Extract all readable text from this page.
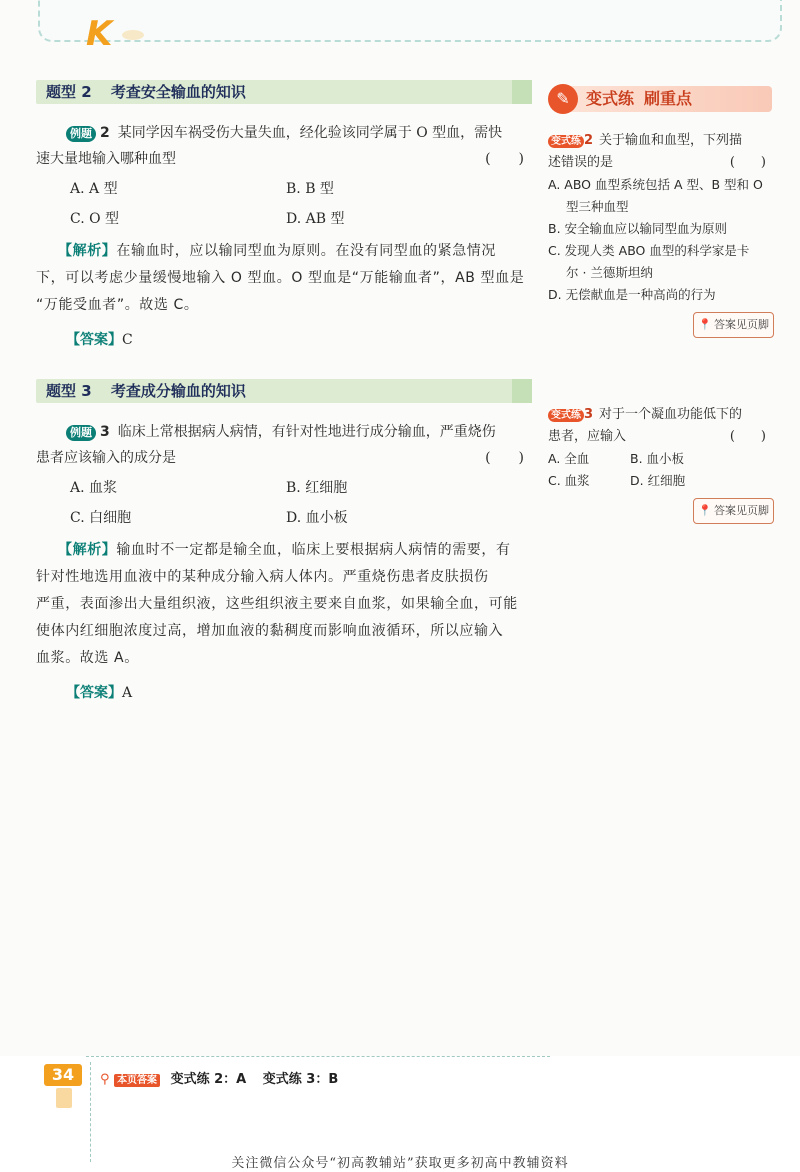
K
题型 2 考查安全输血的知识

例题 2 某同学因车祸受伤大量失血，经化验该同学属于 O 型血，需快

速大量地输入哪种血型	(　　)

A. A 型	B. B 型
C. O 型	D. AB 型
【解析】在输血时，应以输同型血为原则。在没有同型血的紧急情况
下，可以考虑少量缓慢地输入 O 型血。O 型血是“万能输血者”，AB 型血是
“万能受血者”。故选 C。
【答案】C
题型 3 考查成分输血的知识

例题 3 临床上常根据病人病情，有针对性地进行成分输血，严重烧伤

患者应该输入的成分是	(　　)

A. 血浆	B. 红细胞
C. 白细胞	D. 血小板
【解析】输血时不一定都是输全血，临床上要根据病人病情的需要，有
针对性地选用血液中的某种成分输入病人体内。严重烧伤患者皮肤损伤
严重，表面渗出大量组织液，这些组织液主要来自血浆，如果输全血，可能
使体内红细胞浓度过高，增加血液的黏稠度而影响血液循环，所以应输入
血浆。故选 A。
【答案】A
✎	变式练 刷重点
变式练 2 关于输血和血型，下列描
述错误的是	(　　)
A. ABO 血型系统包括 A 型、B 型和 O
型三种血型
B. 安全输血应以输同型血为原则
C. 发现人类 ABO 血型的科学家是卡
尔 · 兰德斯坦纳
D. 无偿献血是一种高尚的行为
📍 答案见页脚
变式练 3 对于一个凝血功能低下的
患者，应输入	(　　)
A. 全血	B. 血小板
C. 血浆	D. 红细胞
📍 答案见页脚
34	⚲ 本页答案 变式练 2：A 变式练 3：B
关注微信公众号“初高教辅站”获取更多初高中教辅资料
